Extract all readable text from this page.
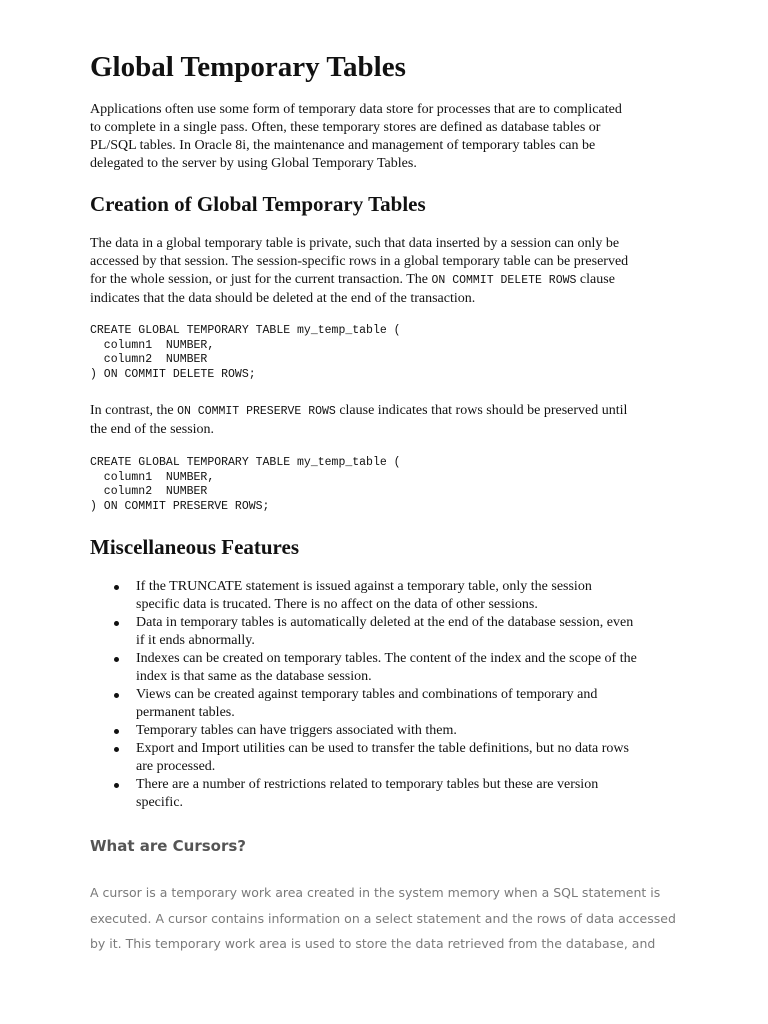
Global Temporary Tables

Applications often use some form of temporary data store for processes that are to complicated
to complete in a single pass. Often, these temporary stores are defined as database tables or
PL/SQL tables. In Oracle 8i, the maintenance and management of temporary tables can be
delegated to the server by using Global Temporary Tables.

Creation of Global Temporary Tables

The data in a global temporary table is private, such that data inserted by a session can only be
accessed by that session. The session-specific rows in a global temporary table can be preserved
for the whole session, or just for the current transaction. The ON COMMIT DELETE ROWS clause
indicates that the data should be deleted at the end of the transaction.

CREATE GLOBAL TEMPORARY TABLE my_temp_table (
column1  NUMBER,
column2  NUMBER
) ON COMMIT DELETE ROWS;

In contrast, the ON COMMIT PRESERVE ROWS clause indicates that rows should be preserved until
the end of the session.

CREATE GLOBAL TEMPORARY TABLE my_temp_table (
column1  NUMBER,
column2  NUMBER
) ON COMMIT PRESERVE ROWS;
Miscellaneous Features
If the TRUNCATE statement is issued against a temporary table, only the session
specific data is trucated. There is no affect on the data of other sessions.
Data in temporary tables is automatically deleted at the end of the database session, even
if it ends abnormally.
Indexes can be created on temporary tables. The content of the index and the scope of the
index is that same as the database session.
Views can be created against temporary tables and combinations of temporary and
permanent tables.
Temporary tables can have triggers associated with them.
Export and Import utilities can be used to transfer the table definitions, but no data rows
are processed.
There are a number of restrictions related to temporary tables but these are version
specific.
What are Cursors?

A cursor is a temporary work area created in the system memory when a SQL statement is
executed. A cursor contains information on a select statement and the rows of data accessed
by it. This temporary work area is used to store the data retrieved from the database, and
